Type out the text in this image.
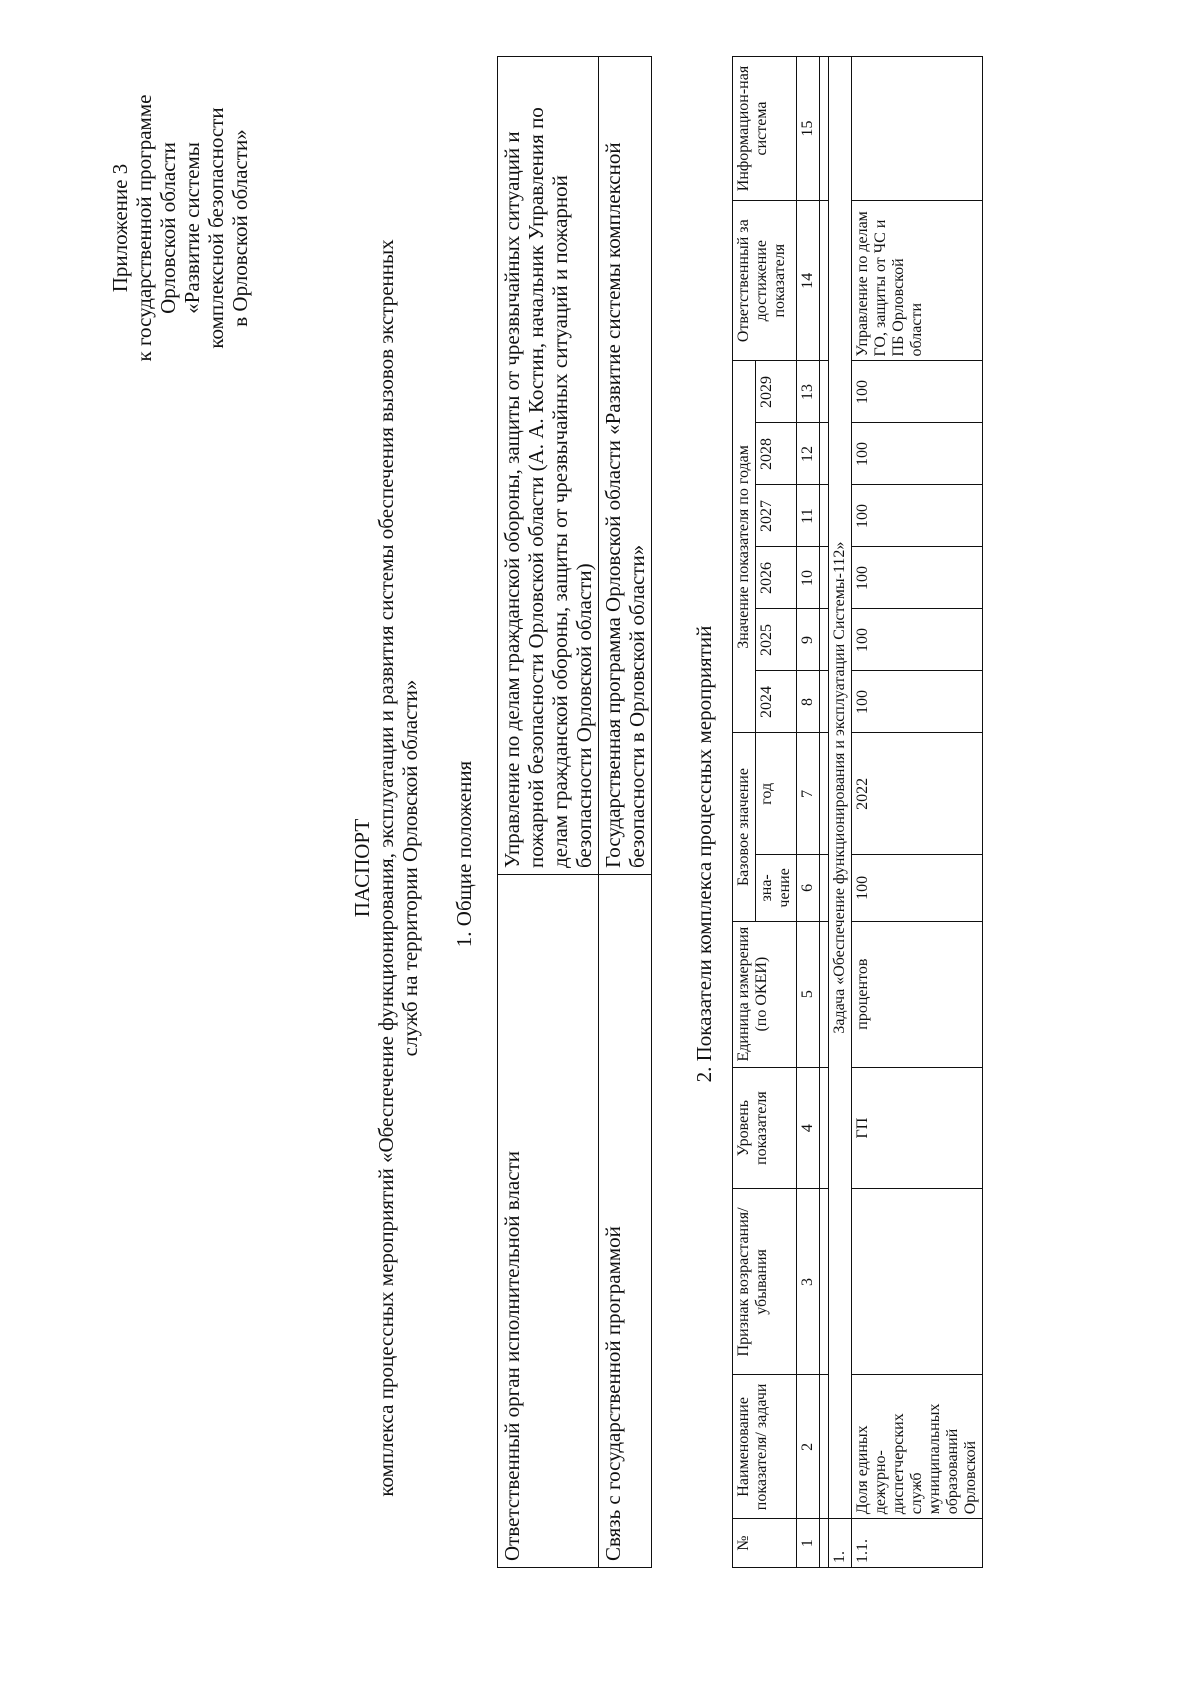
Приложение 3 к государственной программе Орловской области «Развитие системы комплексной безопасности в Орловской области»
ПАСПОРТ комплекса процессных мероприятий «Обеспечение функционирования, эксплуатации и развития системы обеспечения вызовов экстренных служб на территории Орловской области» 1. Общие положения
Ответственный орган исполнительной власти	Управление по делам гражданской обороны, защиты от чрезвычайных ситуаций и пожарной безопасности Орловской области (А. А. Костин, начальник Управления по делам гражданской обороны, защиты от чрезвычайных ситуаций и пожарной безопасности Орловской области)
Связь с государственной программой	Государственная программа Орловской области «Развитие системы комплексной безопасности в Орловской области» 2. Показатели комплекса процессных мероприятий
№	Наименование показателя/ задачи	Признак возрастания/ убывания	Уровень показателя	Единица измерения (по ОКЕИ)	Базовое значение		Значение показателя по годам						Ответственный за достижение показателя	Информацион-ная система
					зна-чение	год	2024	2025	2026	2027	2028	2029		
1	2	3	4	5	6	7	8	9	10	11	12	13	14	15

1.	Задача «Обеспечение функционирования и эксплуатации Системы-112»													
1.1.	Доля единых дежурно-диспетчерских служб муниципальных образований Орловской		ГП	процентов	100	2022	100	100	100	100	100	100	Управление по делам ГО, защиты от ЧС и ПБ Орловской области	
